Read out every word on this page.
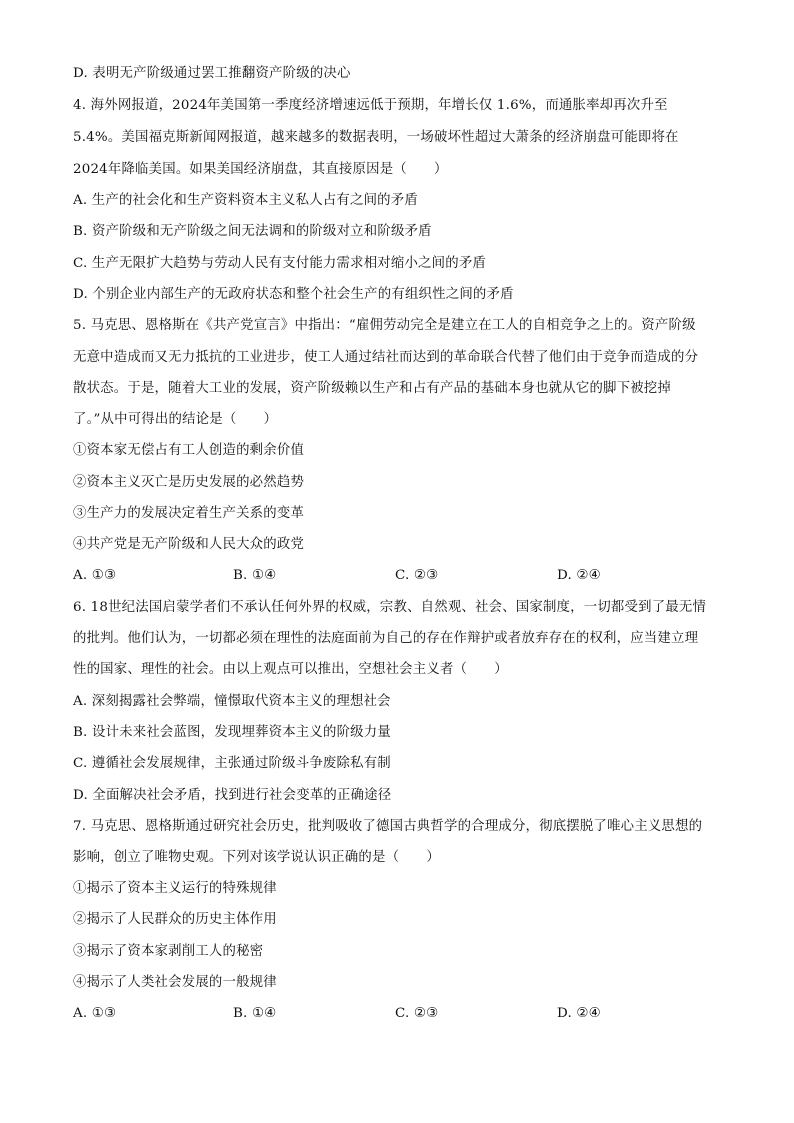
D. 表明无产阶级通过罢工推翻资产阶级的决心
4. 海外网报道，2024年美国第一季度经济增速远低于预期，年增长仅 1.6%，而通胀率却再次升至
5.4%。美国福克斯新闻网报道，越来越多的数据表明，一场破坏性超过大萧条的经济崩盘可能即将在
2024年降临美国。如果美国经济崩盘，其直接原因是（　　）
A. 生产的社会化和生产资料资本主义私人占有之间的矛盾
B. 资产阶级和无产阶级之间无法调和的阶级对立和阶级矛盾
C. 生产无限扩大趋势与劳动人民有支付能力需求相对缩小之间的矛盾
D. 个别企业内部生产的无政府状态和整个社会生产的有组织性之间的矛盾
5. 马克思、恩格斯在《共产党宣言》中指出：“雇佣劳动完全是建立在工人的自相竞争之上的。资产阶级
无意中造成而又无力抵抗的工业进步，使工人通过结社而达到的革命联合代替了他们由于竞争而造成的分
散状态。于是，随着大工业的发展，资产阶级赖以生产和占有产品的基础本身也就从它的脚下被挖掉
了。”从中可得出的结论是（　　）
①资本家无偿占有工人创造的剩余价值
②资本主义灭亡是历史发展的必然趋势
③生产力的发展决定着生产关系的变革
④共产党是无产阶级和人民大众的政党
A. ①③	B. ①④	C. ②③	D. ②④
6. 18世纪法国启蒙学者们不承认任何外界的权威，宗教、自然观、社会、国家制度，一切都受到了最无情
的批判。他们认为，一切都必须在理性的法庭面前为自己的存在作辩护或者放弃存在的权利，应当建立理
性的国家、理性的社会。由以上观点可以推出，空想社会主义者（　　）
A. 深刻揭露社会弊端，憧憬取代资本主义的理想社会
B. 设计未来社会蓝图，发现埋葬资本主义的阶级力量
C. 遵循社会发展规律，主张通过阶级斗争废除私有制
D. 全面解决社会矛盾，找到进行社会变革的正确途径
7. 马克思、恩格斯通过研究社会历史，批判吸收了德国古典哲学的合理成分，彻底摆脱了唯心主义思想的
影响，创立了唯物史观。下列对该学说认识正确的是（　　）
①揭示了资本主义运行的特殊规律
②揭示了人民群众的历史主体作用
③揭示了资本家剥削工人的秘密
④揭示了人类社会发展的一般规律
A. ①③	B. ①④	C. ②③	D. ②④
